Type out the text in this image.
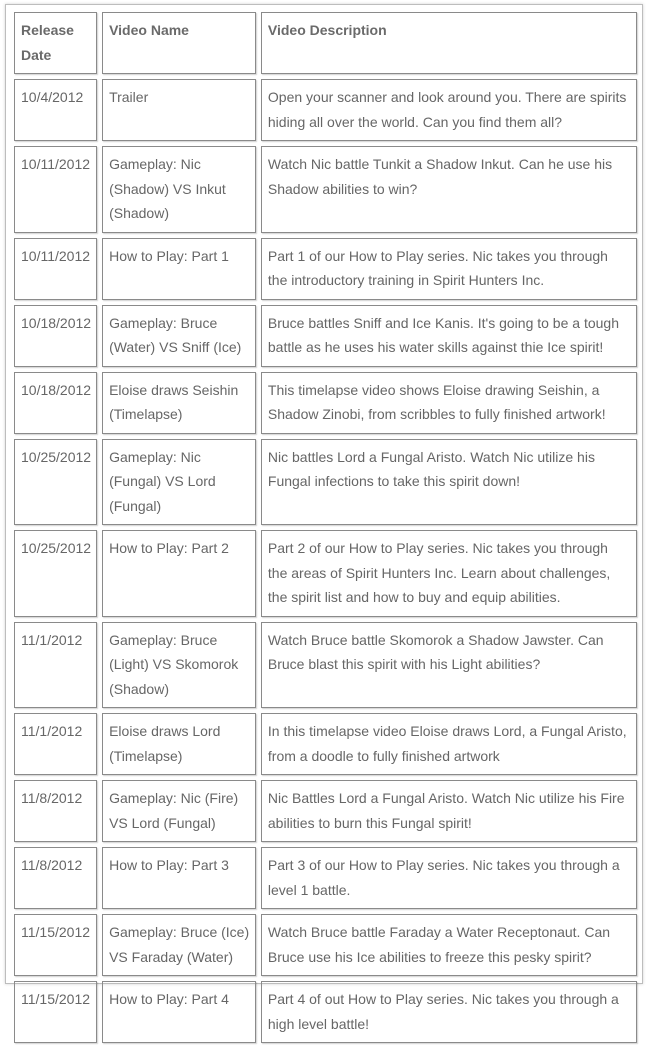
Release Date	Video Name	Video Description
10/4/2012	Trailer	Open your scanner and look around you. There are spirits hiding all over the world. Can you find them all?
10/11/2012	Gameplay: Nic (Shadow) VS Inkut (Shadow)	Watch Nic battle Tunkit a Shadow Inkut. Can he use his Shadow abilities to win?
10/11/2012	How to Play: Part 1	Part 1 of our How to Play series. Nic takes you through the introductory training in Spirit Hunters Inc.
10/18/2012	Gameplay: Bruce (Water) VS Sniff (Ice)	Bruce battles Sniff and Ice Kanis. It's going to be a tough battle as he uses his water skills against thie Ice spirit!
10/18/2012	Eloise draws Seishin (Timelapse)	This timelapse video shows Eloise drawing Seishin, a Shadow Zinobi, from scribbles to fully finished artwork!
10/25/2012	Gameplay: Nic (Fungal) VS Lord (Fungal)	Nic battles Lord a Fungal Aristo. Watch Nic utilize his Fungal infections to take this spirit down!
10/25/2012	How to Play: Part 2	Part 2 of our How to Play series. Nic takes you through the areas of Spirit Hunters Inc. Learn about challenges, the spirit list and how to buy and equip abilities.
11/1/2012	Gameplay: Bruce (Light) VS Skomorok (Shadow)	Watch Bruce battle Skomorok a Shadow Jawster. Can Bruce blast this spirit with his Light abilities?
11/1/2012	Eloise draws Lord (Timelapse)	In this timelapse video Eloise draws Lord, a Fungal Aristo, from a doodle to fully finished artwork
11/8/2012	Gameplay: Nic (Fire) VS Lord (Fungal)	Nic Battles Lord a Fungal Aristo. Watch Nic utilize his Fire abilities to burn this Fungal spirit!
11/8/2012	How to Play: Part 3	Part 3 of our How to Play series. Nic takes you through a level 1 battle.
11/15/2012	Gameplay: Bruce (Ice) VS Faraday (Water)	Watch Bruce battle Faraday a Water Receptonaut. Can Bruce use his Ice abilities to freeze this pesky spirit?
11/15/2012	How to Play: Part 4	Part 4 of out How to Play series. Nic takes you through a high level battle!
